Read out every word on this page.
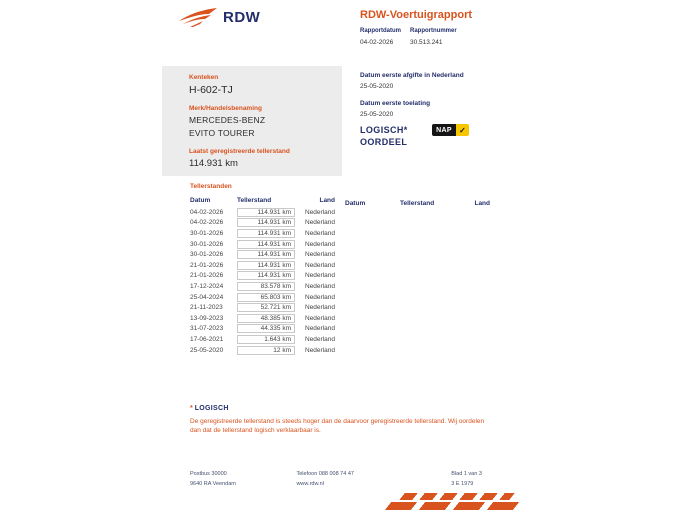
RDW	RDW-Voertuigrapport
Rapportdatum
04-02-2026
Rapportnummer
30.513.241
Kenteken
H-602-TJ
Merk/Handelsbenaming
MERCEDES-BENZ
EVITO TOURER
Laatst geregistreerde tellerstand
114.931 km
Datum eerste afgifte in Nederland
25-05-2020
Datum eerste toelating
25-05-2020
LOGISCH*
OORDEEL
NAP ✓
Tellerstanden
Datum	Tellerstand	Land Datum	Tellerstand	Land
04-02-2026	114.931 km	Nederland
04-02-2026	114.931 km	Nederland
30-01-2026	114.931 km	Nederland
30-01-2026	114.931 km	Nederland
30-01-2026	114.931 km	Nederland
21-01-2026	114.931 km	Nederland
21-01-2026	114.931 km	Nederland
17-12-2024	83.578 km	Nederland
25-04-2024	65.803 km	Nederland
21-11-2023	52.721 km	Nederland
13-09-2023	48.385 km	Nederland
31-07-2023	44.335 km	Nederland
17-06-2021	1.643 km	Nederland
25-05-2020	12 km	Nederland
* LOGISCH
De geregistreerde tellerstand is steeds hoger dan de daarvoor geregistreerde tellerstand. Wij oordelen dan dat de tellerstand logisch verklaarbaar is.
Postbus 30000
9640 RA Veendam
Telefoon 088 008 74 47
www.rdw.nl
Blad 1 van 3
3 E 1979
